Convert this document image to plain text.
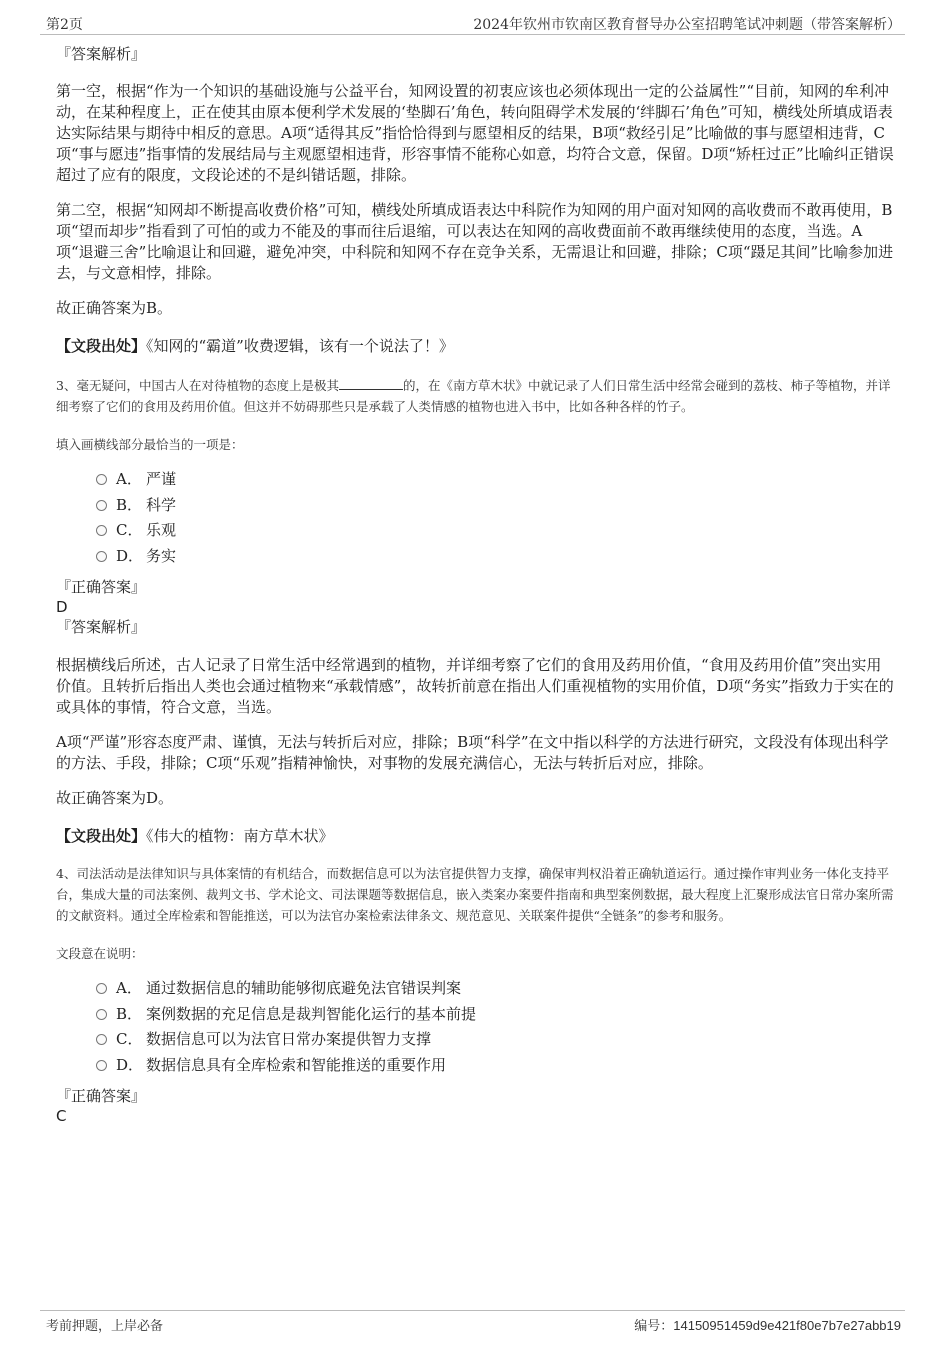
第2页	2024年钦州市钦南区教育督导办公室招聘笔试冲刺题（带答案解析）

『答案解析』

第一空，根据“作为一个知识的基础设施与公益平台，知网设置的初衷应该也必须体现出一定的公益属性”“目前，知网的牟利冲动，在某种程度上，正在使其由原本便利学术发展的‘垫脚石’角色，转向阻碍学术发展的‘绊脚石’角色”可知，横线处所填成语表达实际结果与期待中相反的意思。A项“适得其反”指恰恰得到与愿望相反的结果，B项“救经引足”比喻做的事与愿望相违背，C项“事与愿违”指事情的发展结局与主观愿望相违背，形容事情不能称心如意，均符合文意，保留。D项“矫枉过正”比喻纠正错误超过了应有的限度，文段论述的不是纠错话题，排除。

第二空，根据“知网却不断提高收费价格”可知，横线处所填成语表达中科院作为知网的用户面对知网的高收费而不敢再使用，B项“望而却步”指看到了可怕的或力不能及的事而往后退缩，可以表达在知网的高收费面前不敢再继续使用的态度，当选。A项“退避三舍”比喻退让和回避，避免冲突，中科院和知网不存在竞争关系，无需退让和回避，排除；C项“蹑足其间”比喻参加进去，与文意相悖，排除。

故正确答案为B。

【文段出处】《知网的“霸道”收费逻辑，该有一个说法了！》

3、毫无疑问，中国古人在对待植物的态度上是极其	的，在《南方草木状》中就记录了人们日常生活中经常会碰到的荔枝、柿子等植物，并详细考察了它们的食用及药用价值。但这并不妨碍那些只是承载了人类情感的植物也进入书中，比如各种各样的竹子。

填入画横线部分最恰当的一项是：

A． 严谨
B． 科学
C． 乐观
D． 务实

『正确答案』

D

『答案解析』

根据横线后所述，古人记录了日常生活中经常遇到的植物，并详细考察了它们的食用及药用价值，“食用及药用价值”突出实用价值。且转折后指出人类也会通过植物来“承载情感”，故转折前意在指出人们重视植物的实用价值，D项“务实”指致力于实在的或具体的事情，符合文意，当选。

A项“严谨”形容态度严肃、谨慎，无法与转折后对应，排除；B项“科学”在文中指以科学的方法进行研究，文段没有体现出科学的方法、手段，排除；C项“乐观”指精神愉快，对事物的发展充满信心，无法与转折后对应，排除。

故正确答案为D。

【文段出处】《伟大的植物：南方草木状》

4、司法活动是法律知识与具体案情的有机结合，而数据信息可以为法官提供智力支撑，确保审判权沿着正确轨道运行。通过操作审判业务一体化支持平台，集成大量的司法案例、裁判文书、学术论文、司法课题等数据信息，嵌入类案办案要件指南和典型案例数据，最大程度上汇聚形成法官日常办案所需的文献资料。通过全库检索和智能推送，可以为法官办案检索法律条文、规范意见、关联案件提供“全链条”的参考和服务。

文段意在说明：

A． 通过数据信息的辅助能够彻底避免法官错误判案
B． 案例数据的充足信息是裁判智能化运行的基本前提
C． 数据信息可以为法官日常办案提供智力支撑
D． 数据信息具有全库检索和智能推送的重要作用

『正确答案』

C

考前押题，上岸必备	编号：14150951459d9e421f80e7b7e27abb19
